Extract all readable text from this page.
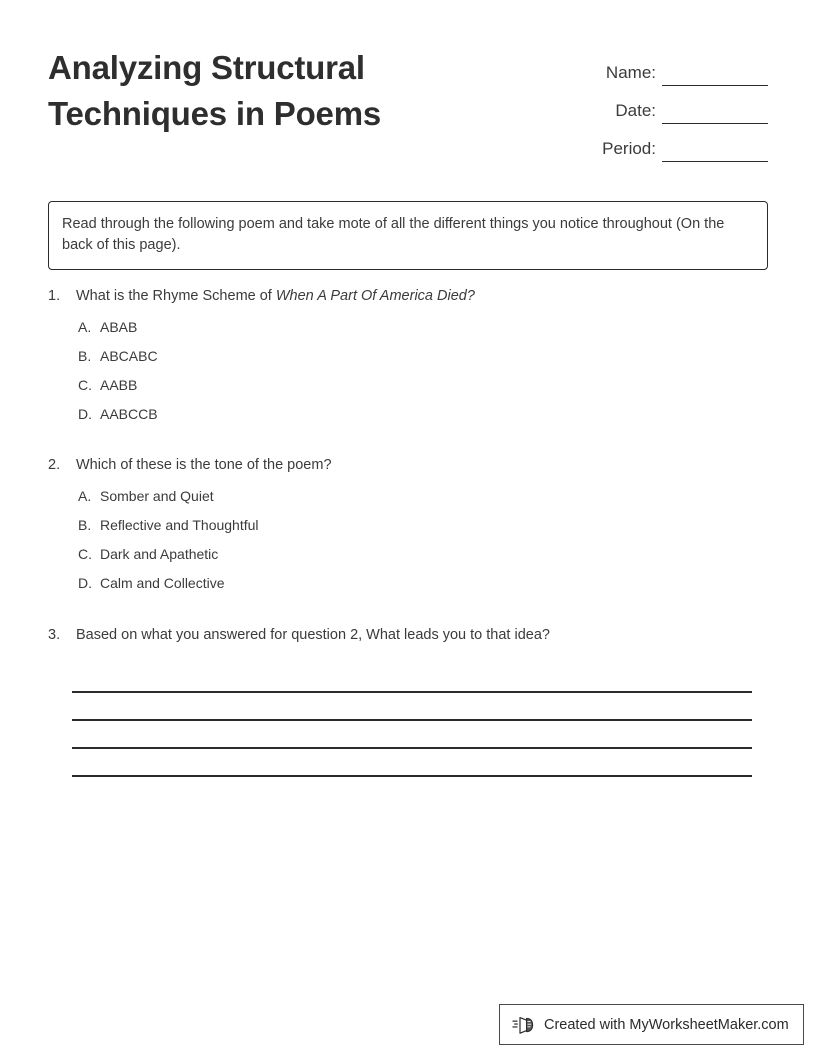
Analyzing Structural Techniques in Poems
Name:
Date:
Period:
Read through the following poem and take mote of all the different things you notice throughout (On the back of this page).
1.	What is the Rhyme Scheme of When A Part Of America Died?
A. ABAB
B. ABCABC
C. AABB
D. AABCCB
2.	Which of these is the tone of the poem?
A. Somber and Quiet
B. Reflective and Thoughtful
C. Dark and Apathetic
D. Calm and Collective
3.	Based on what you answered for question 2, What leads you to that idea?
Created with MyWorksheetMaker.com
